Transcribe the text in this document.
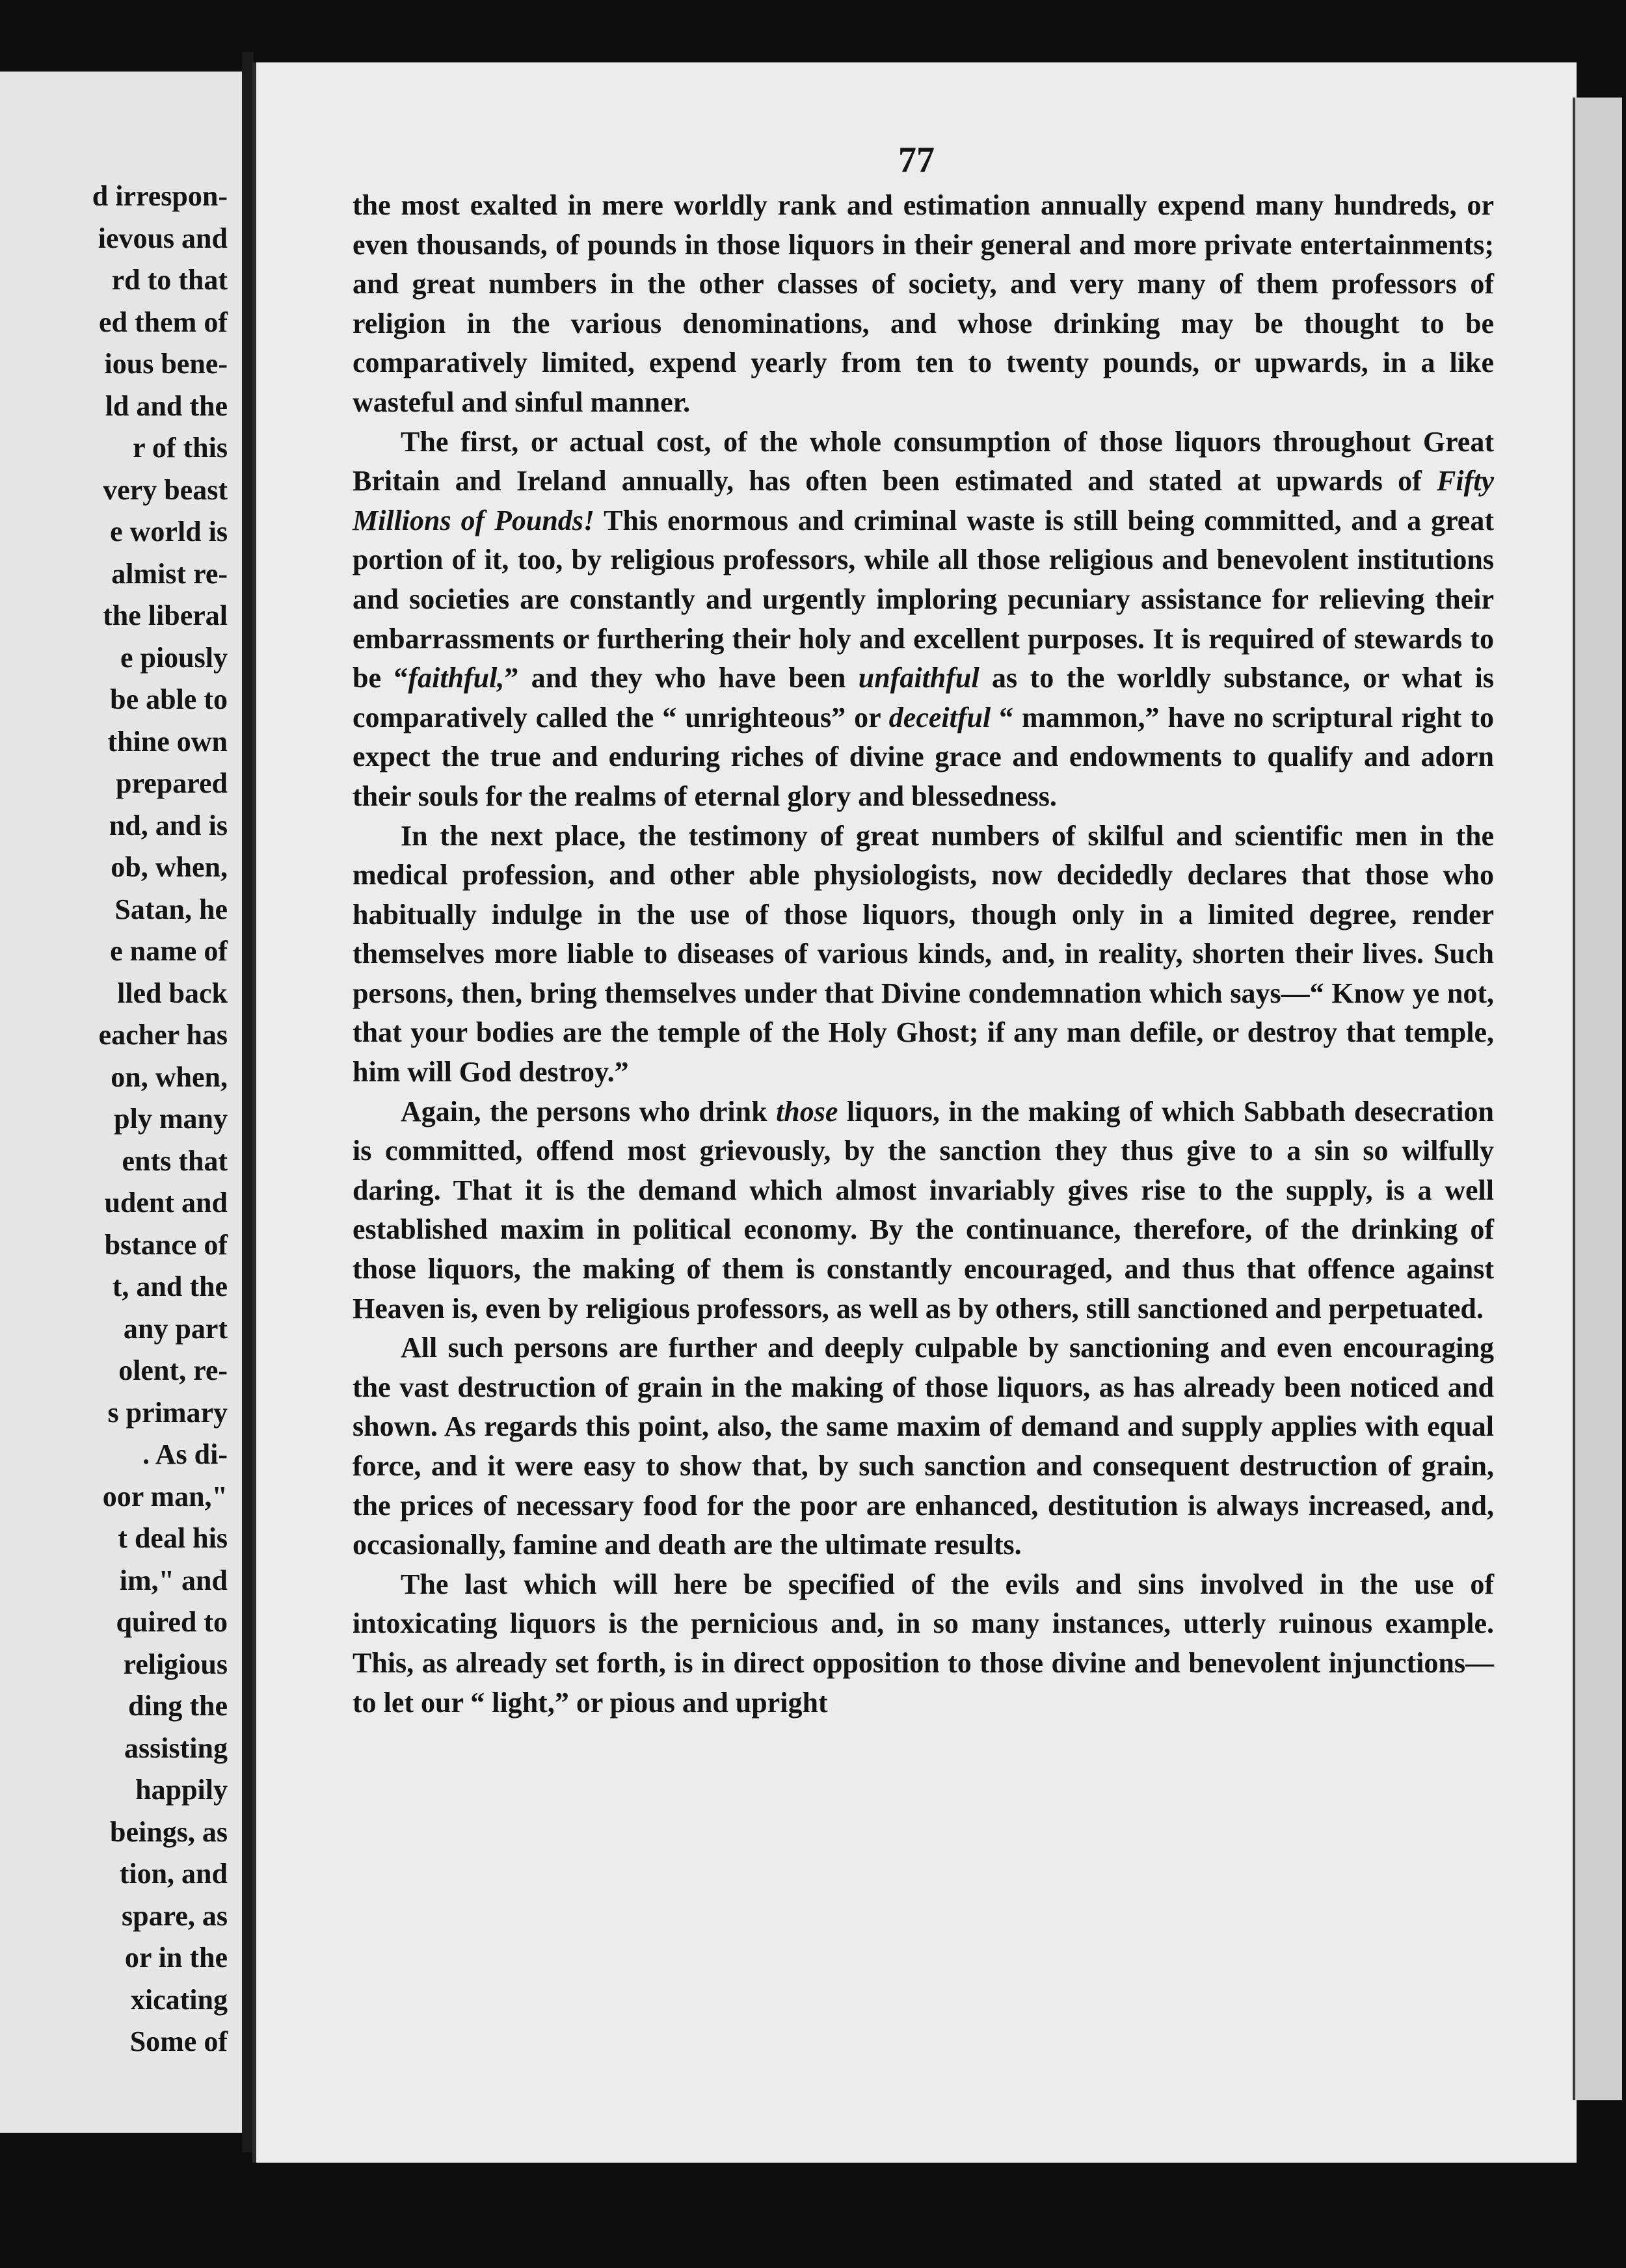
d irrespon-
ievous and
rd to that
ed them of
ious bene-
ld and the
r of this
very beast
e world is
almist re-
the liberal
e piously
be able to
thine own
prepared
nd, and is
ob, when,
Satan, he
e name of
lled back
eacher has
on, when,
ply many
ents that
udent and
bstance of
t, and the
any part
olent, re-
s primary
. As di-
oor man,"
t deal his
im," and
quired to
religious
ding the
assisting
happily
beings, as
tion, and
spare, as
or in the
xicating
Some of
77

the most exalted in mere worldly rank and estimation annually expend many hundreds, or even thousands, of pounds in those liquors in their general and more private entertainments; and great numbers in the other classes of society, and very many of them professors of religion in the various denominations, and whose drinking may be thought to be comparatively limited, expend yearly from ten to twenty pounds, or upwards, in a like wasteful and sinful manner.

The first, or actual cost, of the whole consumption of those liquors throughout Great Britain and Ireland annually, has often been estimated and stated at upwards of Fifty Millions of Pounds! This enormous and criminal waste is still being committed, and a great portion of it, too, by religious professors, while all those religious and benevolent institutions and societies are constantly and urgently imploring pecuniary assistance for relieving their embarrassments or furthering their holy and excellent purposes. It is required of stewards to be “faithful,” and they who have been unfaithful as to the worldly substance, or what is comparatively called the “ unrighteous” or deceitful “ mammon,” have no scriptural right to expect the true and enduring riches of divine grace and endowments to qualify and adorn their souls for the realms of eternal glory and blessedness.

In the next place, the testimony of great numbers of skilful and scientific men in the medical profession, and other able physiologists, now decidedly declares that those who habitually indulge in the use of those liquors, though only in a limited degree, render themselves more liable to diseases of various kinds, and, in reality, shorten their lives. Such persons, then, bring themselves under that Divine condemnation which says—“ Know ye not, that your bodies are the temple of the Holy Ghost; if any man defile, or destroy that temple, him will God destroy.”

Again, the persons who drink those liquors, in the making of which Sabbath desecration is committed, offend most grievously, by the sanction they thus give to a sin so wilfully daring. That it is the demand which almost invariably gives rise to the supply, is a well established maxim in political economy. By the continuance, therefore, of the drinking of those liquors, the making of them is constantly encouraged, and thus that offence against Heaven is, even by religious professors, as well as by others, still sanctioned and perpetuated.

All such persons are further and deeply culpable by sanctioning and even encouraging the vast destruction of grain in the making of those liquors, as has already been noticed and shown. As regards this point, also, the same maxim of demand and supply applies with equal force, and it were easy to show that, by such sanction and consequent destruction of grain, the prices of necessary food for the poor are enhanced, destitution is always increased, and, occasionally, famine and death are the ultimate results.

The last which will here be specified of the evils and sins involved in the use of intoxicating liquors is the pernicious and, in so many instances, utterly ruinous example. This, as already set forth, is in direct opposition to those divine and benevolent injunctions—to let our “ light,” or pious and upright
